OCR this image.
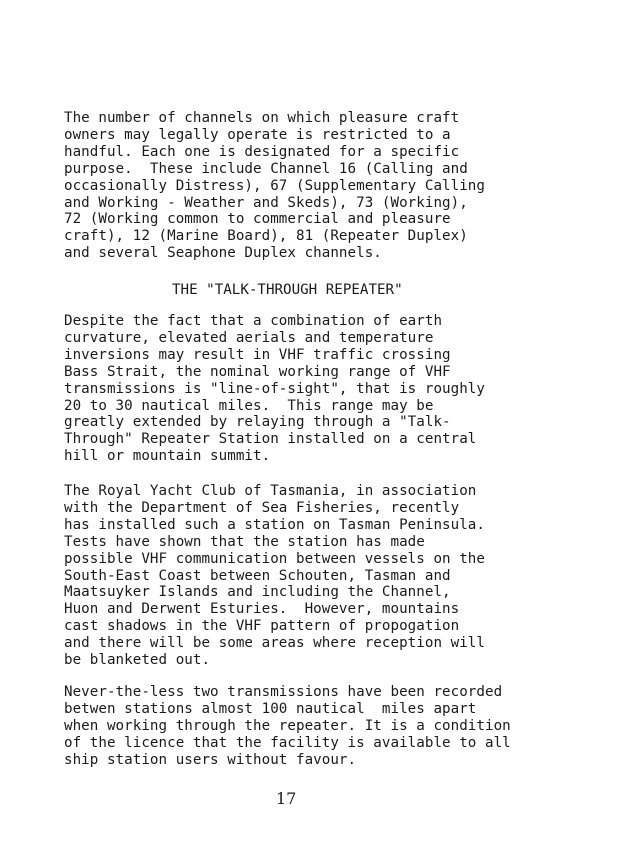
The number of channels on which pleasure craft
owners may legally operate is restricted to a
handful. Each one is designated for a specific
purpose.  These include Channel 16 (Calling and
occasionally Distress), 67 (Supplementary Calling
and Working - Weather and Skeds), 73 (Working),
72 (Working common to commercial and pleasure
craft), 12 (Marine Board), 81 (Repeater Duplex)
and several Seaphone Duplex channels.
THE "TALK-THROUGH REPEATER"
Despite the fact that a combination of earth
curvature, elevated aerials and temperature
inversions may result in VHF traffic crossing
Bass Strait, the nominal working range of VHF
transmissions is "line-of-sight", that is roughly
20 to 30 nautical miles.  This range may be
greatly extended by relaying through a "Talk-
Through" Repeater Station installed on a central
hill or mountain summit.
The Royal Yacht Club of Tasmania, in association
with the Department of Sea Fisheries, recently
has installed such a station on Tasman Peninsula.
Tests have shown that the station has made
possible VHF communication between vessels on the
South-East Coast between Schouten, Tasman and
Maatsuyker Islands and including the Channel,
Huon and Derwent Esturies.  However, mountains
cast shadows in the VHF pattern of propogation
and there will be some areas where reception will
be blanketed out.
Never-the-less two transmissions have been recorded
betwen stations almost 100 nautical  miles apart
when working through the repeater. It is a condition
of the licence that the facility is available to all
ship station users without favour.
17
